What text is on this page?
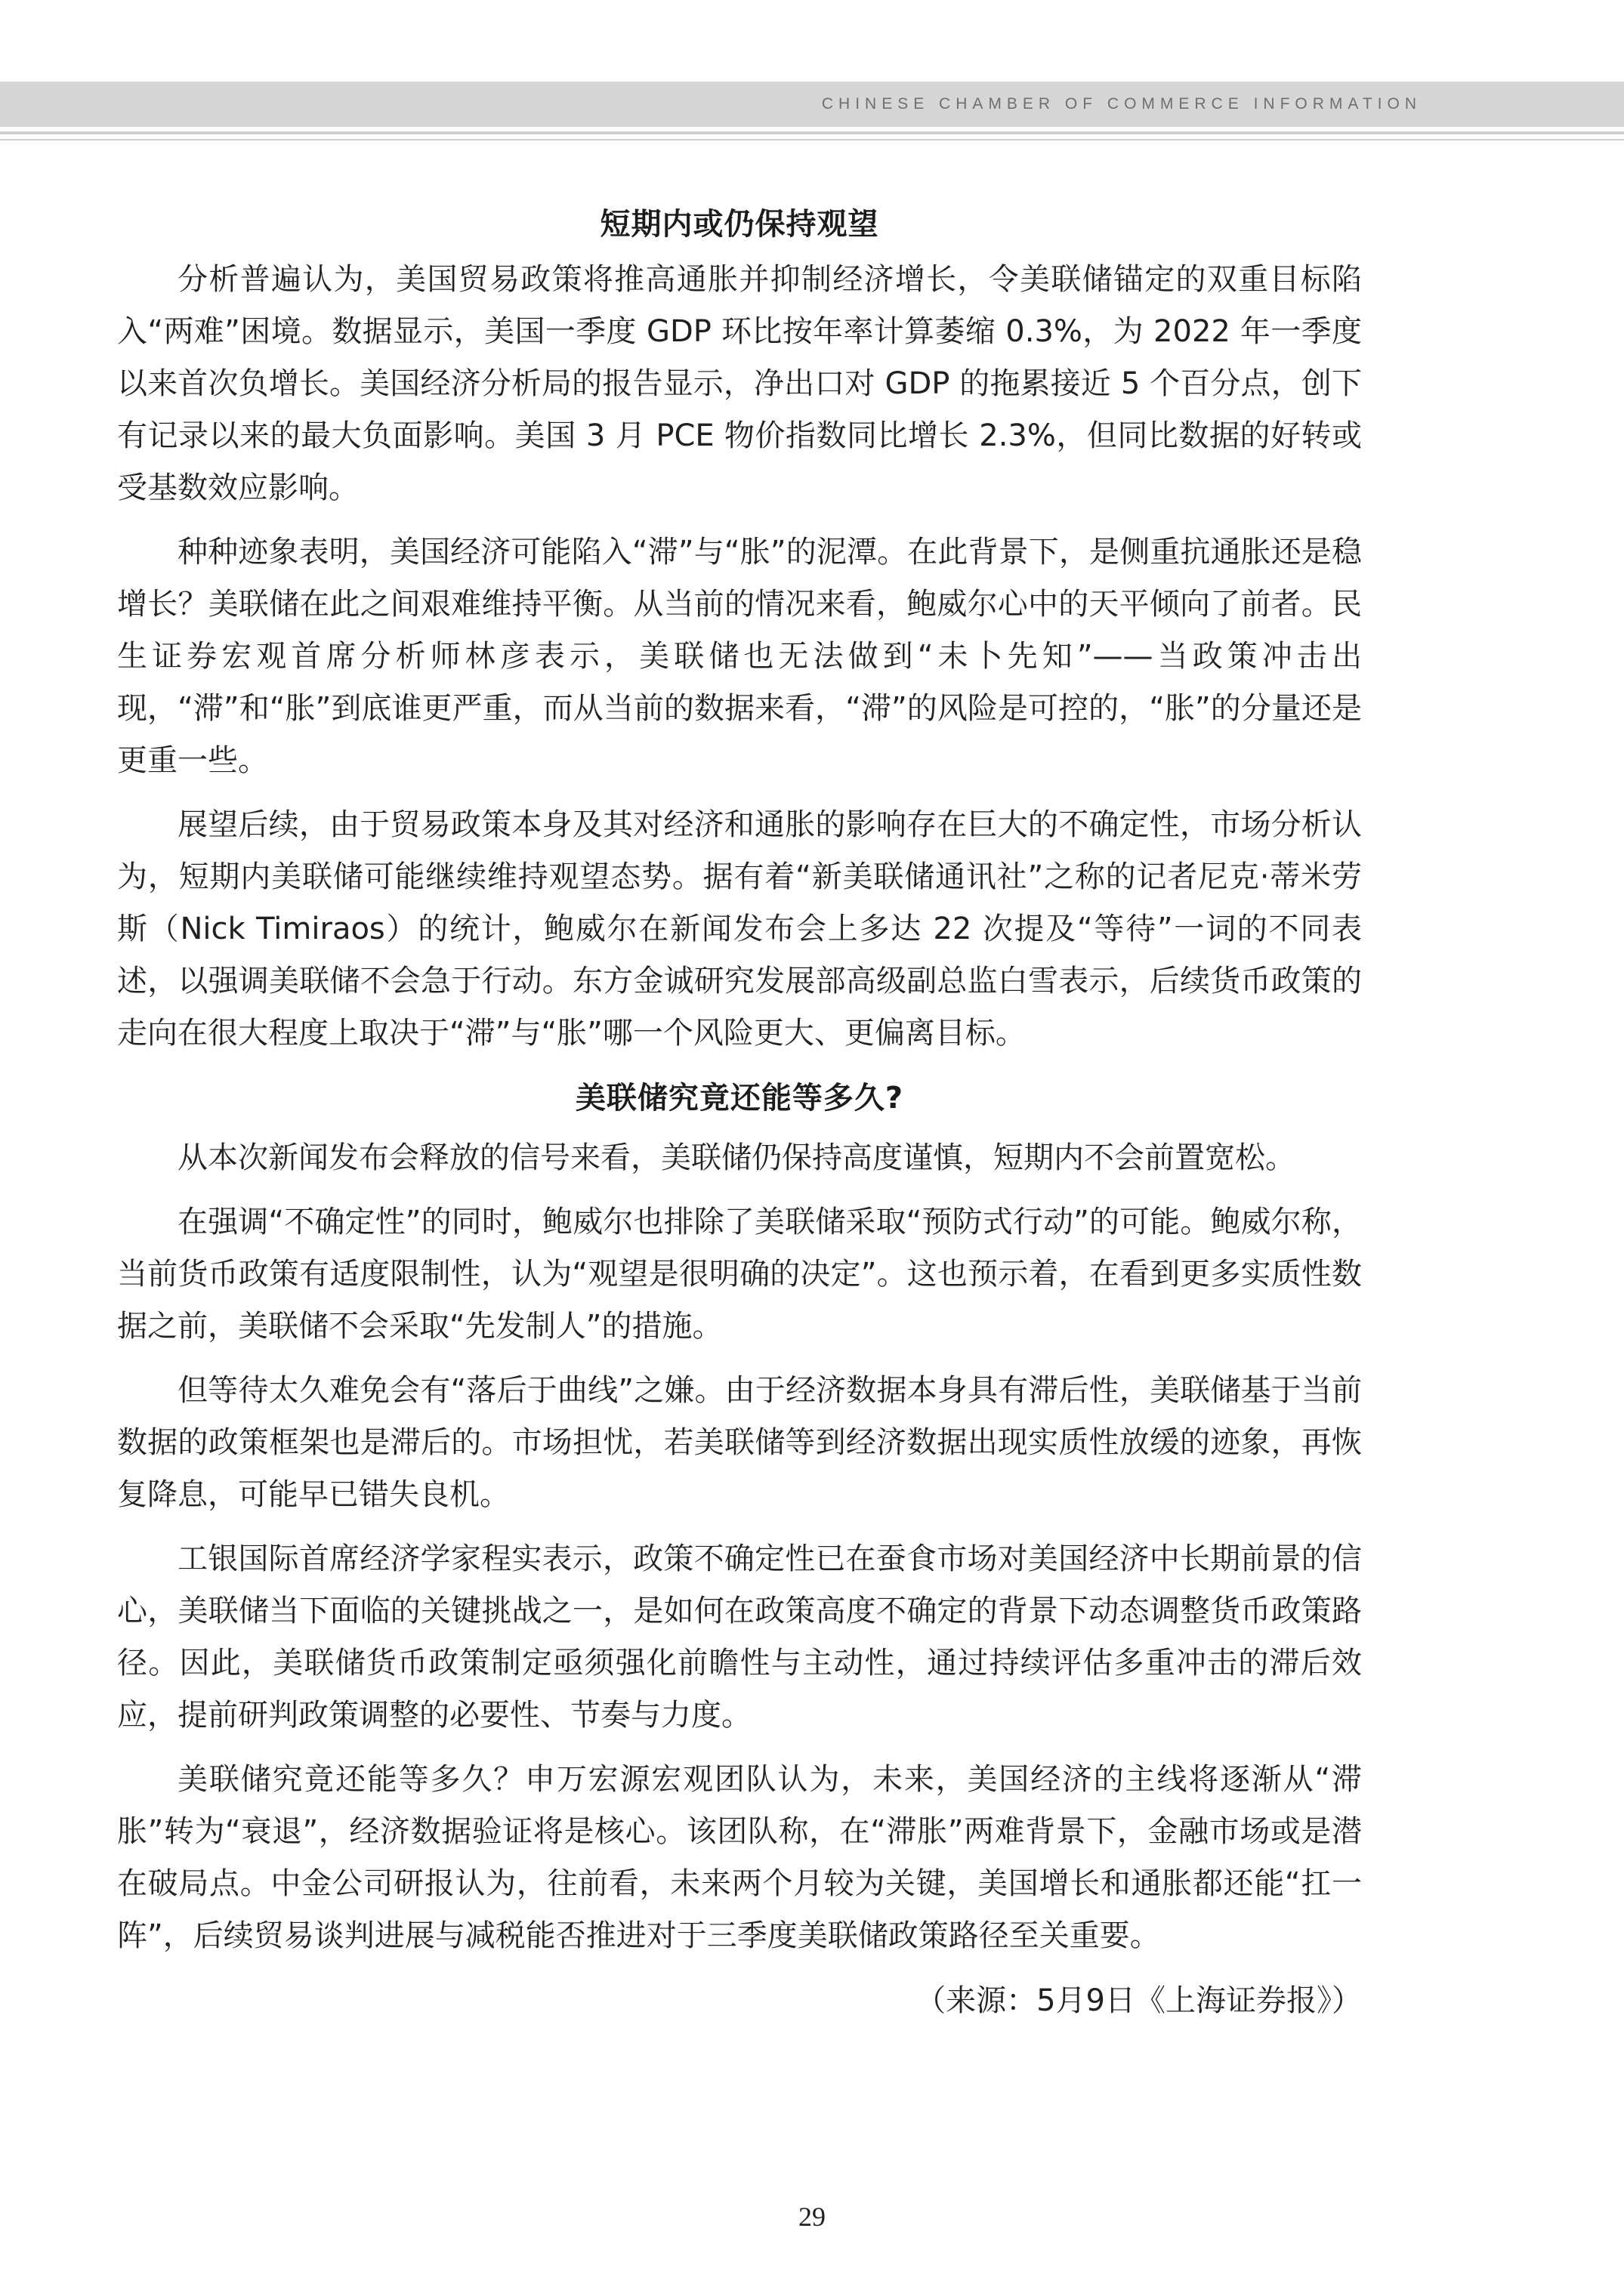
CHINESE CHAMBER OF COMMERCE INFORMATION
短期内或仍保持观望

分析普遍认为，美国贸易政策将推高通胀并抑制经济增长，令美联储锚定的双重目标陷入“两难”困境。数据显示，美国一季度 GDP 环比按年率计算萎缩 0.3%，为 2022 年一季度以来首次负增长。美国经济分析局的报告显示，净出口对 GDP 的拖累接近 5 个百分点，创下有记录以来的最大负面影响。美国 3 月 PCE 物价指数同比增长 2.3%，但同比数据的好转或受基数效应影响。

种种迹象表明，美国经济可能陷入“滞”与“胀”的泥潭。在此背景下，是侧重抗通胀还是稳增长？美联储在此之间艰难维持平衡。从当前的情况来看，鲍威尔心中的天平倾向了前者。民生证券宏观首席分析师林彦表示，美联储也无法做到“未卜先知”——当政策冲击出现，“滞”和“胀”到底谁更严重，而从当前的数据来看，“滞”的风险是可控的，“胀”的分量还是更重一些。

展望后续，由于贸易政策本身及其对经济和通胀的影响存在巨大的不确定性，市场分析认为，短期内美联储可能继续维持观望态势。据有着“新美联储通讯社”之称的记者尼克·蒂米劳斯（Nick Timiraos）的统计，鲍威尔在新闻发布会上多达 22 次提及“等待”一词的不同表述，以强调美联储不会急于行动。东方金诚研究发展部高级副总监白雪表示，后续货币政策的走向在很大程度上取决于“滞”与“胀”哪一个风险更大、更偏离目标。

美联储究竟还能等多久?

从本次新闻发布会释放的信号来看，美联储仍保持高度谨慎，短期内不会前置宽松。

在强调“不确定性”的同时，鲍威尔也排除了美联储采取“预防式行动”的可能。鲍威尔称，当前货币政策有适度限制性，认为“观望是很明确的决定”。这也预示着，在看到更多实质性数据之前，美联储不会采取“先发制人”的措施。

但等待太久难免会有“落后于曲线”之嫌。由于经济数据本身具有滞后性，美联储基于当前数据的政策框架也是滞后的。市场担忧，若美联储等到经济数据出现实质性放缓的迹象，再恢复降息，可能早已错失良机。

工银国际首席经济学家程实表示，政策不确定性已在蚕食市场对美国经济中长期前景的信心，美联储当下面临的关键挑战之一，是如何在政策高度不确定的背景下动态调整货币政策路径。因此，美联储货币政策制定亟须强化前瞻性与主动性，通过持续评估多重冲击的滞后效应，提前研判政策调整的必要性、节奏与力度。

美联储究竟还能等多久？申万宏源宏观团队认为，未来，美国经济的主线将逐渐从“滞胀”转为“衰退”，经济数据验证将是核心。该团队称，在“滞胀”两难背景下，金融市场或是潜在破局点。中金公司研报认为，往前看，未来两个月较为关键，美国增长和通胀都还能“扛一阵”，后续贸易谈判进展与减税能否推进对于三季度美联储政策路径至关重要。

（来源：5月9日《上海证券报》）

29
